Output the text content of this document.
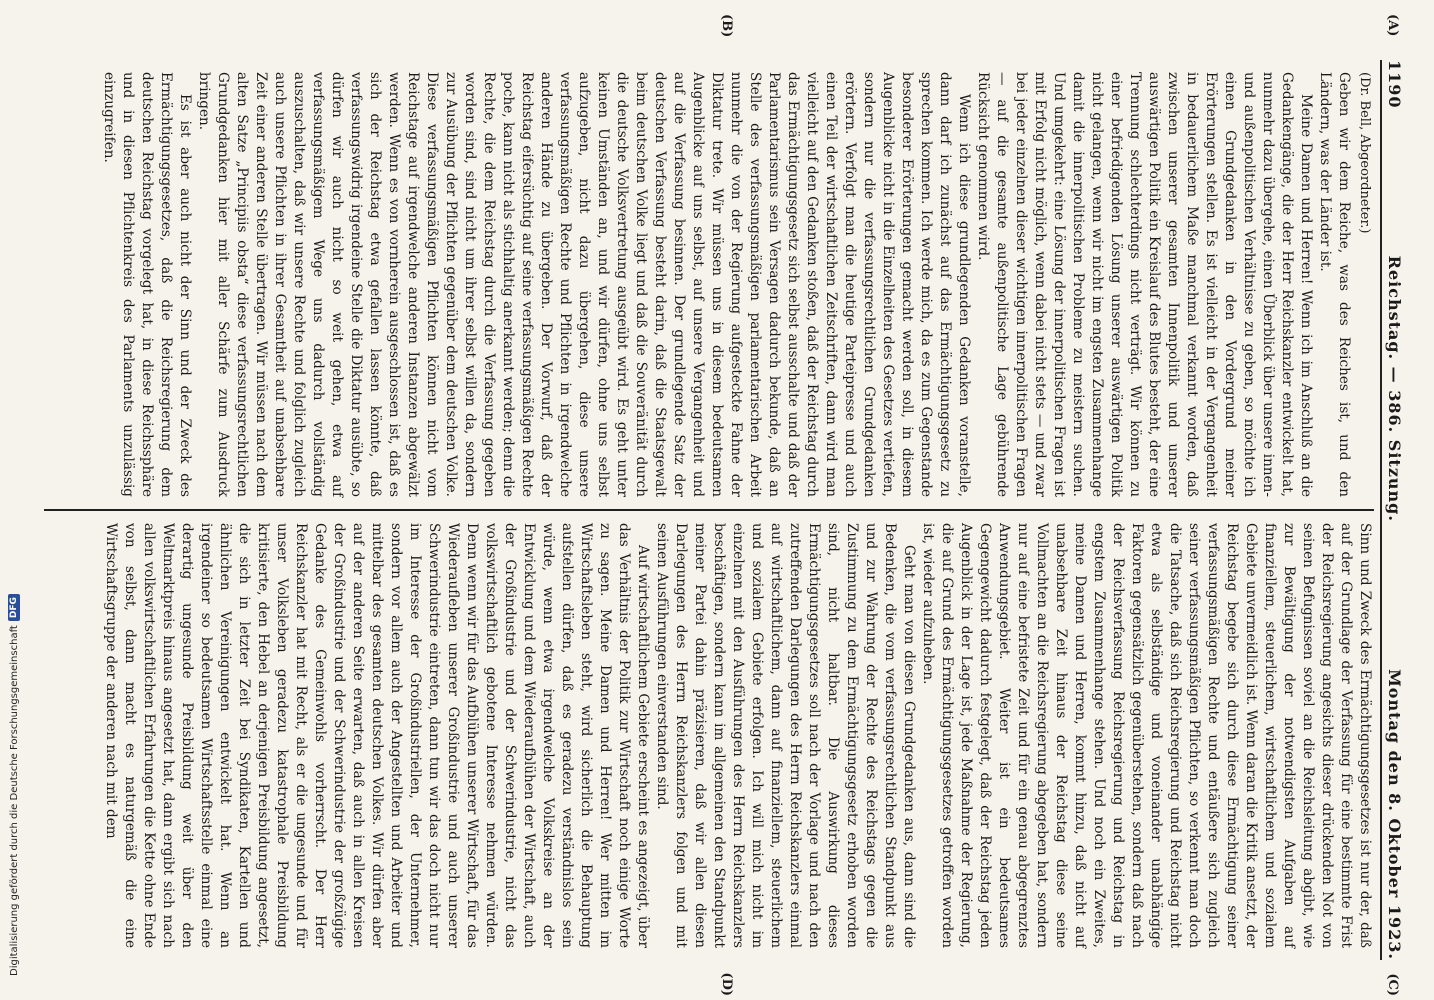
1190
Reichstag. — 386. Sitzung.
Montag den 8. Oktober 1923.
(Dr. Bell, Abgeordneter.)

Geben wir dem Reiche, was des Reiches ist, und den Ländern, was der Länder ist.

Meine Damen und Herren! Wenn ich im Anschluß an die Gedankengänge, die der Herr Reichskanzler entwickelt hat, nunmehr dazu übergehe, einen Überblick über unsere innen- und außenpolitischen Verhältnisse zu geben, so möchte ich einen Grundgedanken in den Vordergrund meiner Erörterungen stellen. Es ist vielleicht in der Vergangenheit in bedauerlichem Maße manchmal verkannt worden, daß zwischen unserer gesamten Innenpolitik und unserer auswärtigen Politik ein Kreislauf des Blutes besteht, der eine Trennung schlechterdings nicht verträgt. Wir können zu einer befriedigenden Lösung unserer auswärtigen Politik nicht gelangen, wenn wir nicht im engsten Zusammenhange damit die innerpolitischen Probleme zu meistern suchen. Und umgekehrt: eine Lösung der innerpolitischen Fragen ist mit Erfolg nicht möglich, wenn dabei nicht stets — und zwar bei jeder einzelnen dieser wichtigen innerpolitischen Fragen — auf die gesamte außenpolitische Lage gebührende Rücksicht genommen wird.

Wenn ich diese grundlegenden Gedanken voranstelle, dann darf ich zunächst auf das Ermächtigungsgesetz zu sprechen kommen. Ich werde mich, da es zum Gegenstande besonderer Erörterungen gemacht werden soll, in diesem Augenblicke nicht in die Einzelheiten des Gesetzes vertiefen, sondern nur die verfassungsrechtlichen Grundgedanken erörtern. Verfolgt man die heutige Parteipresse und auch einen Teil der wirtschaftlichen Zeitschriften, dann wird man vielleicht auf den Gedanken stoßen, daß der Reichstag durch das Ermächtigungsgesetz sich selbst ausschalte und daß der Parlamentarismus sein Versagen dadurch bekunde, daß an Stelle des verfassungsmäßigen parlamentarischen Arbeit nunmehr die von der Regierung aufgesteckte Fahne der Diktatur trete. Wir müssen uns in diesem bedeutsamen Augenblicke auf uns selbst, auf unsere Vergangenheit und auf die Verfassung besinnen. Der grundlegende Satz der deutschen Verfassung besteht darin, daß die Staatsgewalt beim deutschen Volke liegt und daß die Souveränität durch die deutsche Volksvertretung ausgeübt wird. Es geht unter keinen Umständen an, und wir dürfen, ohne uns selbst aufzugeben, nicht dazu übergehen, diese unsere verfassungsmäßigen Rechte und Pflichten in irgendwelche anderen Hände zu übergeben. Der Vorwurf, daß der Reichstag eifersüchtig auf seine verfassungsmäßigen Rechte poche, kann nicht als stichhaltig anerkannt werden; denn die Rechte, die dem Reichstag durch die Verfassung gegeben worden sind, sind nicht um ihrer selbst willen da, sondern zur Ausübung der Pflichten gegenüber dem deutschen Volke. Diese verfassungsmäßigen Pflichten können nicht vom Reichstage auf irgendwelche anderen Instanzen abgewälzt werden. Wenn es von vornherein ausgeschlossen ist, daß es sich der Reichstag etwa gefallen lassen könnte, daß verfassungswidrig irgendeine Stelle die Diktatur ausübte, so dürfen wir auch nicht so weit gehen, etwa auf verfassungsmäßigem Wege uns dadurch vollständig auszuschalten, daß wir unsere Rechte und folglich zugleich auch unsere Pflichten in ihrer Gesamtheit auf unabsehbare Zeit einer anderen Stelle übertragen. Wir müssen nach dem alten Satze „Principiis obsta“ diese verfassungsrechtlichen Grundgedanken hier mit aller Schärfe zum Ausdruck bringen.

Es ist aber auch nicht der Sinn und der Zweck des Ermächtigungsgesetzes, daß die Reichsregierung dem deutschen Reichstag vorgelegt hat, in diese Reichssphäre und in diesen Pflichtenkreis des Parlaments unzulässig einzugreifen.

Sinn und Zweck des Ermächtigungsgesetzes ist nur der, daß auf der Grundlage der Verfassung für eine bestimmte Frist der Reichsregierung angesichts dieser drückenden Not von seinen Befugnissen soviel an die Reichsleitung abgibt, wie zur Bewältigung der notwendigsten Aufgaben auf finanziellem, steuerlichem, wirtschaftlichem und sozialem Gebiete unvermeidlich ist. Wenn daran die Kritik ansetzt, der Reichstag begebe sich durch diese Ermächtigung seiner verfassungsmäßigen Rechte und entäußere sich zugleich seiner verfassungsmäßigen Pflichten, so verkennt man doch die Tatsache, daß sich Reichsregierung und Reichstag nicht etwa als selbständige und voneinander unabhängige Faktoren gegensätzlich gegenüberstehen, sondern daß nach der Reichsverfassung Reichsregierung und Reichstag in engstem Zusammenhange stehen. Und noch ein Zweites, meine Damen und Herren, kommt hinzu, daß nicht auf unabsehbare Zeit hinaus der Reichstag diese seine Vollmachten an die Reichsregierung abgegeben hat, sondern nur auf eine befristete Zeit und für ein genau abgegrenztes Anwendungsgebiet. Weiter ist ein bedeutsames Gegengewicht dadurch festgelegt, daß der Reichstag jeden Augenblick in der Lage ist, jede Maßnahme der Regierung, die auf Grund des Ermächtigungsgesetzes getroffen worden ist, wieder aufzuheben.

Geht man von diesen Grundgedanken aus, dann sind die Bedenken, die vom verfassungsrechtlichen Standpunkt aus und zur Wahrung der Rechte des Reichstags gegen die Zustimmung zu dem Ermächtigungsgesetz erhoben worden sind, nicht haltbar. Die Auswirkung dieses Ermächtigungsgesetzes soll nach der Vorlage und nach den zutreffenden Darlegungen des Herrn Reichskanzlers einmal auf wirtschaftlichem, dann auf finanziellem, steuerlichem und sozialem Gebiete erfolgen. Ich will mich nicht im einzelnen mit den Ausführungen des Herrn Reichskanzlers beschäftigen, sondern kann im allgemeinen den Standpunkt meiner Partei dahin präzisieren, daß wir allen diesen Darlegungen des Herrn Reichskanzlers folgen und mit seinen Ausführungen einverstanden sind.

Auf wirtschaftlichem Gebiete erscheint es angezeigt, über das Verhältnis der Politik zur Wirtschaft noch einige Worte zu sagen. Meine Damen und Herren! Wer mitten im Wirtschaftsleben steht, wird sicherlich die Behauptung aufstellen dürfen, daß es geradezu verständnislos sein würde, wenn etwa irgendwelche Volkskreise an der Entwicklung und dem Wiederaufblühen der Wirtschaft, auch der Großindustrie und der Schwerindustrie, nicht das volkswirtschaftlich gebotene Interesse nehmen würden. Denn wenn wir für das Aufblühen unserer Wirtschaft, für das Wiederaufleben unserer Großindustrie und auch unserer Schwerindustrie eintreten, dann tun wir das doch nicht nur im Interesse der Großindustriellen, der Unternehmer, sondern vor allem auch der Angestellten und Arbeiter und mittelbar des gesamten deutschen Volkes. Wir dürfen aber auf der anderen Seite erwarten, daß auch in allen Kreisen der Großindustrie und der Schwerindustrie der großzügige Gedanke des Gemeinwohls vorherrscht. Der Herr Reichskanzler hat mit Recht, als er die ungesunde und für unser Volksleben geradezu katastrophale Preisbildung kritisierte, den Hebel an derjenigen Preisbildung angesetzt, die sich in letzter Zeit bei Syndikaten, Kartellen und ähnlichen Vereinigungen entwickelt hat. Wenn an irgendeiner so bedeutsamen Wirtschaftsstelle einmal eine derartig ungesunde Preisbildung weit über den Weltmarktpreis hinaus angesetzt hat, dann ergibt sich nach allen volkswirtschaftlichen Erfahrungen die Kette ohne Ende von selbst, dann macht es naturgemäß die eine Wirtschaftsgruppe der anderen nach mit dem

(A)
(B)
(C)
(D)
Digitalisierung gefördert durch die Deutsche Forschungsgemeinschaft
DFG
